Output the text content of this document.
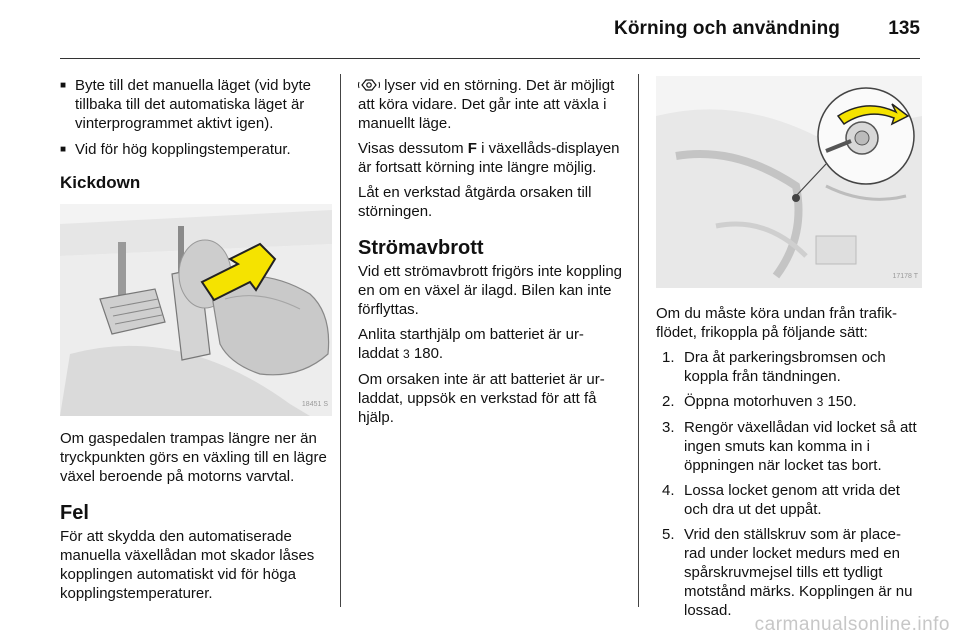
Körning och användning	135
■ Byte till det manuella läget (vid byte tillbaka till det automatiska läget är vinterprogrammet aktivt igen).
■ Vid för hög kopplingstemperatur.
Kickdown
18451 S

Om gaspedalen trampas längre ner än tryckpunkten görs en växling till en lägre växel beroende på motorns varvtal.

Fel

För att skydda den automatiserade manuella växellådan mot skador låses kopplingen automatiskt vid för höga kopplingstemperaturer.

lyser vid en störning. Det är möjligt att köra vidare. Det går inte att växla i manuellt läge.

Visas dessutom F i växellåds-displayen är fortsatt körning inte längre möjlig.

Låt en verkstad åtgärda orsaken till störningen.

Strömavbrott

Vid ett strömavbrott frigörs inte koppling en om en växel är ilagd. Bilen kan inte förflyttas.

Anlita starthjälp om batteriet är ur-laddat 3 180.

Om orsaken inte är att batteriet är ur-laddat, uppsök en verkstad för att få hjälp.

17178 T

Om du måste köra undan från trafik-flödet, frikoppla på följande sätt:

1. Dra åt parkeringsbromsen och koppla från tändningen.
2. Öppna motorhuven 3 150.
3. Rengör växellådan vid locket så att ingen smuts kan komma in i öppningen när locket tas bort.
4. Lossa locket genom att vrida det och dra ut det uppåt.
5. Vrid den ställskruv som är place-rad under locket medurs med en spårskruvmejsel tills ett tydligt motstånd märks. Kopplingen är nu lossad.
carmanualsonline.info
